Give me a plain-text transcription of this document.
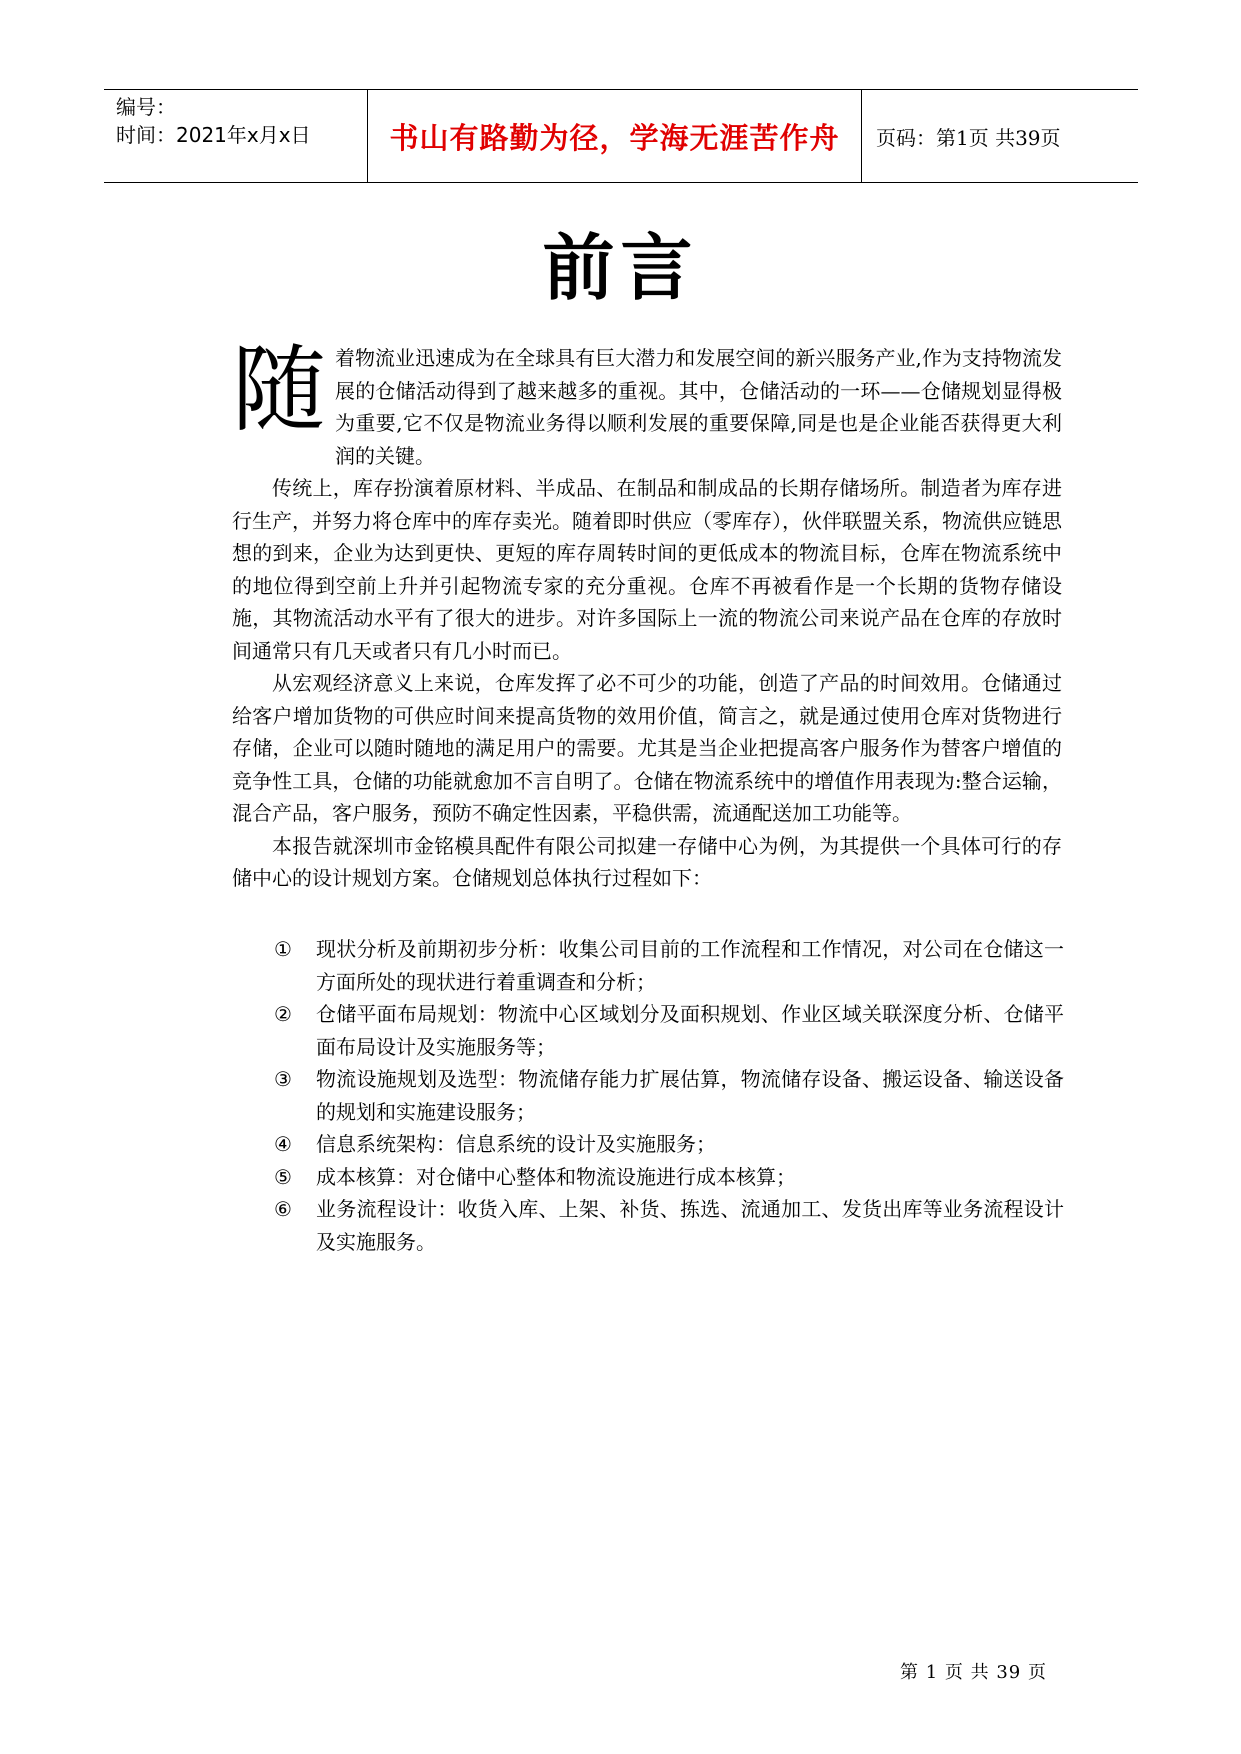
编号：
时间：2021年x月x日	书山有路勤为径，学海无涯苦作舟 页码：第1页 共39页
前言
随 着物流业迅速成为在全球具有巨大潜力和发展空间的新兴服务产业,作为支持物流发展的仓储活动得到了越来越多的重视。其中，仓储活动的一环——仓储规划显得极为重要,它不仅是物流业务得以顺利发展的重要保障,同是也是企业能否获得更大利润的关键。

传统上，库存扮演着原材料、半成品、在制品和制成品的长期存储场所。制造者为库存进行生产，并努力将仓库中的库存卖光。随着即时供应（零库存），伙伴联盟关系，物流供应链思想的到来，企业为达到更快、更短的库存周转时间的更低成本的物流目标，仓库在物流系统中的地位得到空前上升并引起物流专家的充分重视。仓库不再被看作是一个长期的货物存储设施，其物流活动水平有了很大的进步。对许多国际上一流的物流公司来说产品在仓库的存放时间通常只有几天或者只有几小时而已。

从宏观经济意义上来说，仓库发挥了必不可少的功能，创造了产品的时间效用。仓储通过给客户增加货物的可供应时间来提高货物的效用价值，简言之，就是通过使用仓库对货物进行存储，企业可以随时随地的满足用户的需要。尤其是当企业把提高客户服务作为替客户增值的竞争性工具，仓储的功能就愈加不言自明了。仓储在物流系统中的增值作用表现为:整合运输，混合产品，客户服务，预防不确定性因素，平稳供需，流通配送加工功能等。

本报告就深圳市金铭模具配件有限公司拟建一存储中心为例，为其提供一个具体可行的存储中心的设计规划方案。仓储规划总体执行过程如下：

①	现状分析及前期初步分析：收集公司目前的工作流程和工作情况，对公司在仓储这一方面所处的现状进行着重调查和分析；
②	仓储平面布局规划：物流中心区域划分及面积规划、作业区域关联深度分析、仓储平面布局设计及实施服务等；
③	物流设施规划及选型：物流储存能力扩展估算，物流储存设备、搬运设备、输送设备的规划和实施建设服务；
④	信息系统架构：信息系统的设计及实施服务；
⑤	成本核算：对仓储中心整体和物流设施进行成本核算；
⑥	业务流程设计：收货入库、上架、补货、拣选、流通加工、发货出库等业务流程设计及实施服务。
第 1 页 共 39 页
